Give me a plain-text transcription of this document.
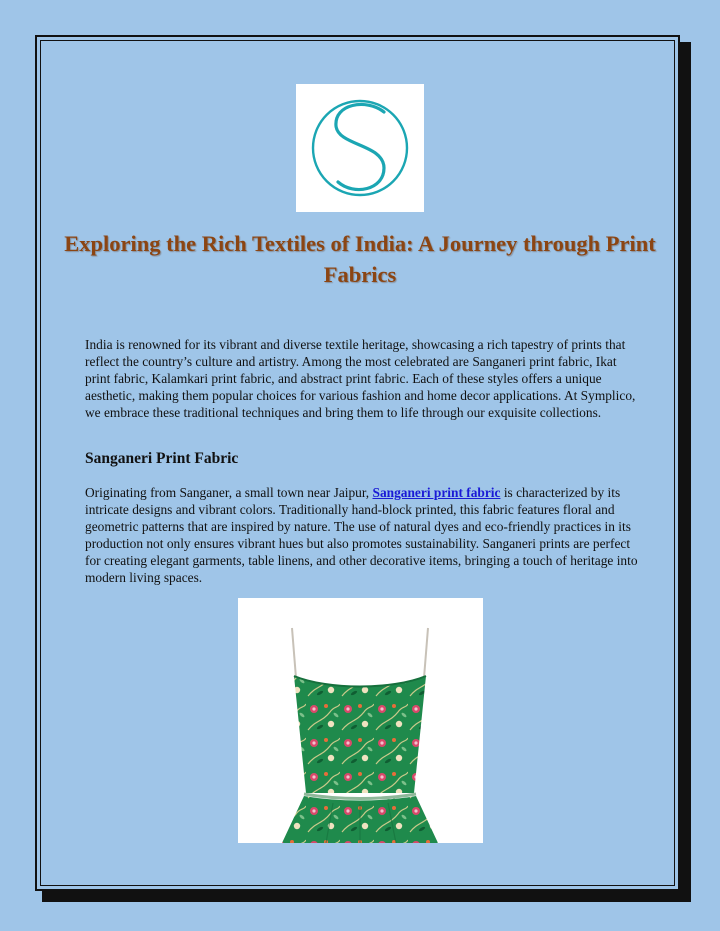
Exploring the Rich Textiles of India: A Journey through Print Fabrics

India is renowned for its vibrant and diverse textile heritage, showcasing a rich tapestry of prints that reflect the country’s culture and artistry. Among the most celebrated are Sanganeri print fabric, Ikat print fabric, Kalamkari print fabric, and abstract print fabric. Each of these styles offers a unique aesthetic, making them popular choices for various fashion and home decor applications. At Symplico, we embrace these traditional techniques and bring them to life through our exquisite collections.

Sanganeri Print Fabric

Originating from Sanganer, a small town near Jaipur, Sanganeri print fabric is characterized by its intricate designs and vibrant colors. Traditionally hand-block printed, this fabric features floral and geometric patterns that are inspired by nature. The use of natural dyes and eco-friendly practices in its production not only ensures vibrant hues but also promotes sustainability. Sanganeri prints are perfect for creating elegant garments, table linens, and other decorative items, bringing a touch of heritage into modern living spaces.
